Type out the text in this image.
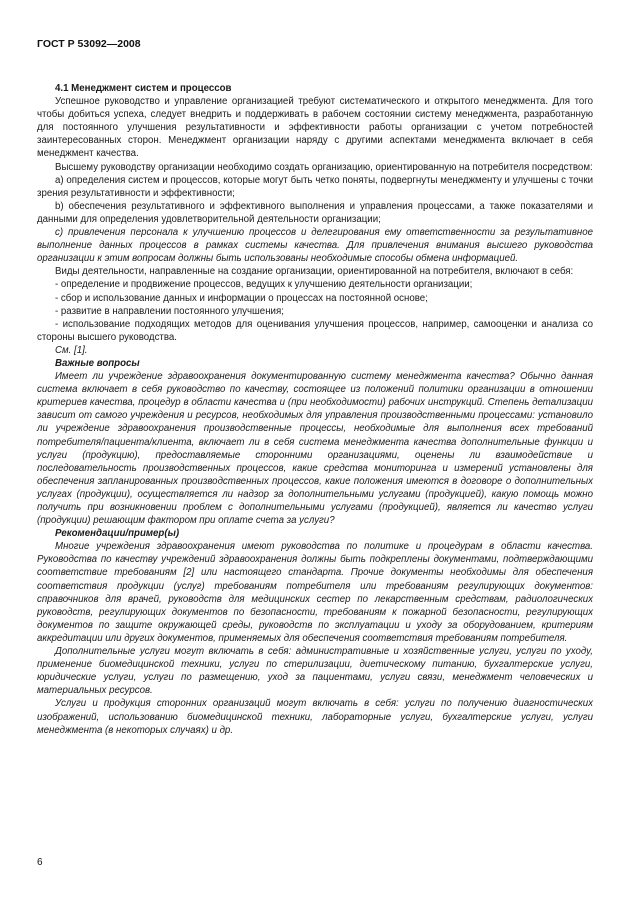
ГОСТ Р 53092—2008

4.1 Менеджмент систем и процессов

Успешное руководство и управление организацией требуют систематического и открытого менеджмента. Для того чтобы добиться успеха, следует внедрить и поддерживать в рабочем состоянии систему менеджмента, разработанную для постоянного улучшения результативности и эффективности работы организации с учетом потребностей заинтересованных сторон. Менеджмент организации наряду с другими аспектами менеджмента включает в себя менеджмент качества.

Высшему руководству организации необходимо создать организацию, ориентированную на потребителя посредством:

а) определения систем и процессов, которые могут быть четко поняты, подвергнуты менеджменту и улучшены с точки зрения результативности и эффективности;

b) обеспечения результативного и эффективного выполнения и управления процессами, а также показателями и данными для определения удовлетворительной деятельности организации;

с) привлечения персонала к улучшению процессов и делегирования ему ответственности за результативное выполнение данных процессов в рамках системы качества. Для привлечения внимания высшего руководства организации к этим вопросам должны быть использованы необходимые способы обмена информацией.

Виды деятельности, направленные на создание организации, ориентированной на потребителя, включают в себя:

- определение и продвижение процессов, ведущих к улучшению деятельности организации;

- сбор и использование данных и информации о процессах на постоянной основе;

- развитие в направлении постоянного улучшения;

- использование подходящих методов для оценивания улучшения процессов, например, самооценки и анализа со стороны высшего руководства.

См. [1].

Важные вопросы

Имеет ли учреждение здравоохранения документированную систему менеджмента качества? Обычно данная система включает в себя руководство по качеству, состоящее из положений политики организации в отношении критериев качества, процедур в области качества и (при необходимости) рабочих инструкций. Степень детализации зависит от самого учреждения и ресурсов, необходимых для управления производственными процессами: установило ли учреждение здравоохранения производственные процессы, необходимые для выполнения всех требований потребителя/пациента/клиента, включает ли в себя система менеджмента качества дополнительные функции и услуги (продукцию), предоставляемые сторонними организациями, оценены ли взаимодействие и последовательность производственных процессов, какие средства мониторинга и измерений установлены для обеспечения запланированных производственных процессов, какие положения имеются в договоре о дополнительных услугах (продукции), осуществляется ли надзор за дополнительными услугами (продукцией), какую помощь можно получить при возникновении проблем с дополнительными услугами (продукцией), является ли качество услуги (продукции) решающим фактором при оплате счета за услуги?

Рекомендации/пример(ы)

Многие учреждения здравоохранения имеют руководства по политике и процедурам в области качества. Руководства по качеству учреждений здравоохранения должны быть подкреплены документами, подтверждающими соответствие требованиям [2] или настоящего стандарта. Прочие документы необходимы для обеспечения соответствия продукции (услуг) требованиям потребителя или требованиям регулирующих документов: справочников для врачей, руководств для медицинских сестер по лекарственным средствам, радиологических руководств, регулирующих документов по безопасности, требованиям к пожарной безопасности, регулирующих документов по защите окружающей среды, руководств по эксплуатации и уходу за оборудованием, критериям аккредитации или других документов, применяемых для обеспечения соответствия требованиям потребителя.

Дополнительные услуги могут включать в себя: административные и хозяйственные услуги, услуги по уходу, применение биомедицинской техники, услуги по стерилизации, диетическому питанию, бухгалтерские услуги, юридические услуги, услуги по размещению, уход за пациентами, услуги связи, менеджмент человеческих и материальных ресурсов.

Услуги и продукция сторонних организаций могут включать в себя: услуги по получению диагностических изображений, использованию биомедицинской техники, лабораторные услуги, бухгалтерские услуги, услуги менеджмента (в некоторых случаях) и др.

6
